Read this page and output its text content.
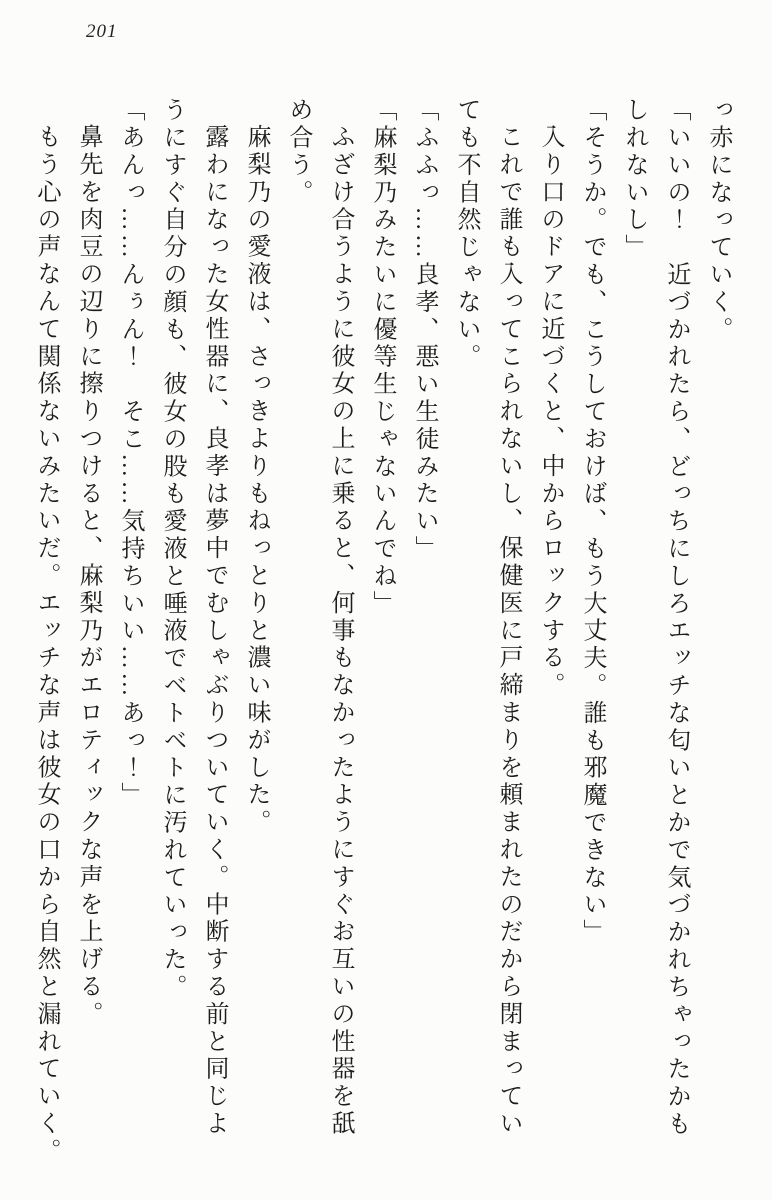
201
っ赤になっていく。
「いいの！　近づかれたら、どっちにしろエッチな匂いとかで気づかれちゃったかも
しれないし」
「そうか。でも、こうしておけば、もう大丈夫。誰も邪魔できない」
入り口のドアに近づくと、中からロックする。
これで誰も入ってこられないし、保健医に戸締まりを頼まれたのだから閉まってい
ても不自然じゃない。
「ふふっ……良孝、悪い生徒みたい」
「麻梨乃みたいに優等生じゃないんでね」
ふざけ合うように彼女の上に乗ると、何事もなかったようにすぐお互いの性器を舐
め合う。
麻梨乃の愛液は、さっきよりもねっとりと濃い味がした。
露わになった女性器に、良孝は夢中でむしゃぶりついていく。中断する前と同じよ
うにすぐ自分の顔も、彼女の股も愛液と唾液でベトベトに汚れていった。
「あんっ……んぅん！　そこ……気持ちいい……あっ！」
鼻先を肉豆の辺りに擦りつけると、麻梨乃がエロティックな声を上げる。
もう心の声なんて関係ないみたいだ。エッチな声は彼女の口から自然と漏れていく。
